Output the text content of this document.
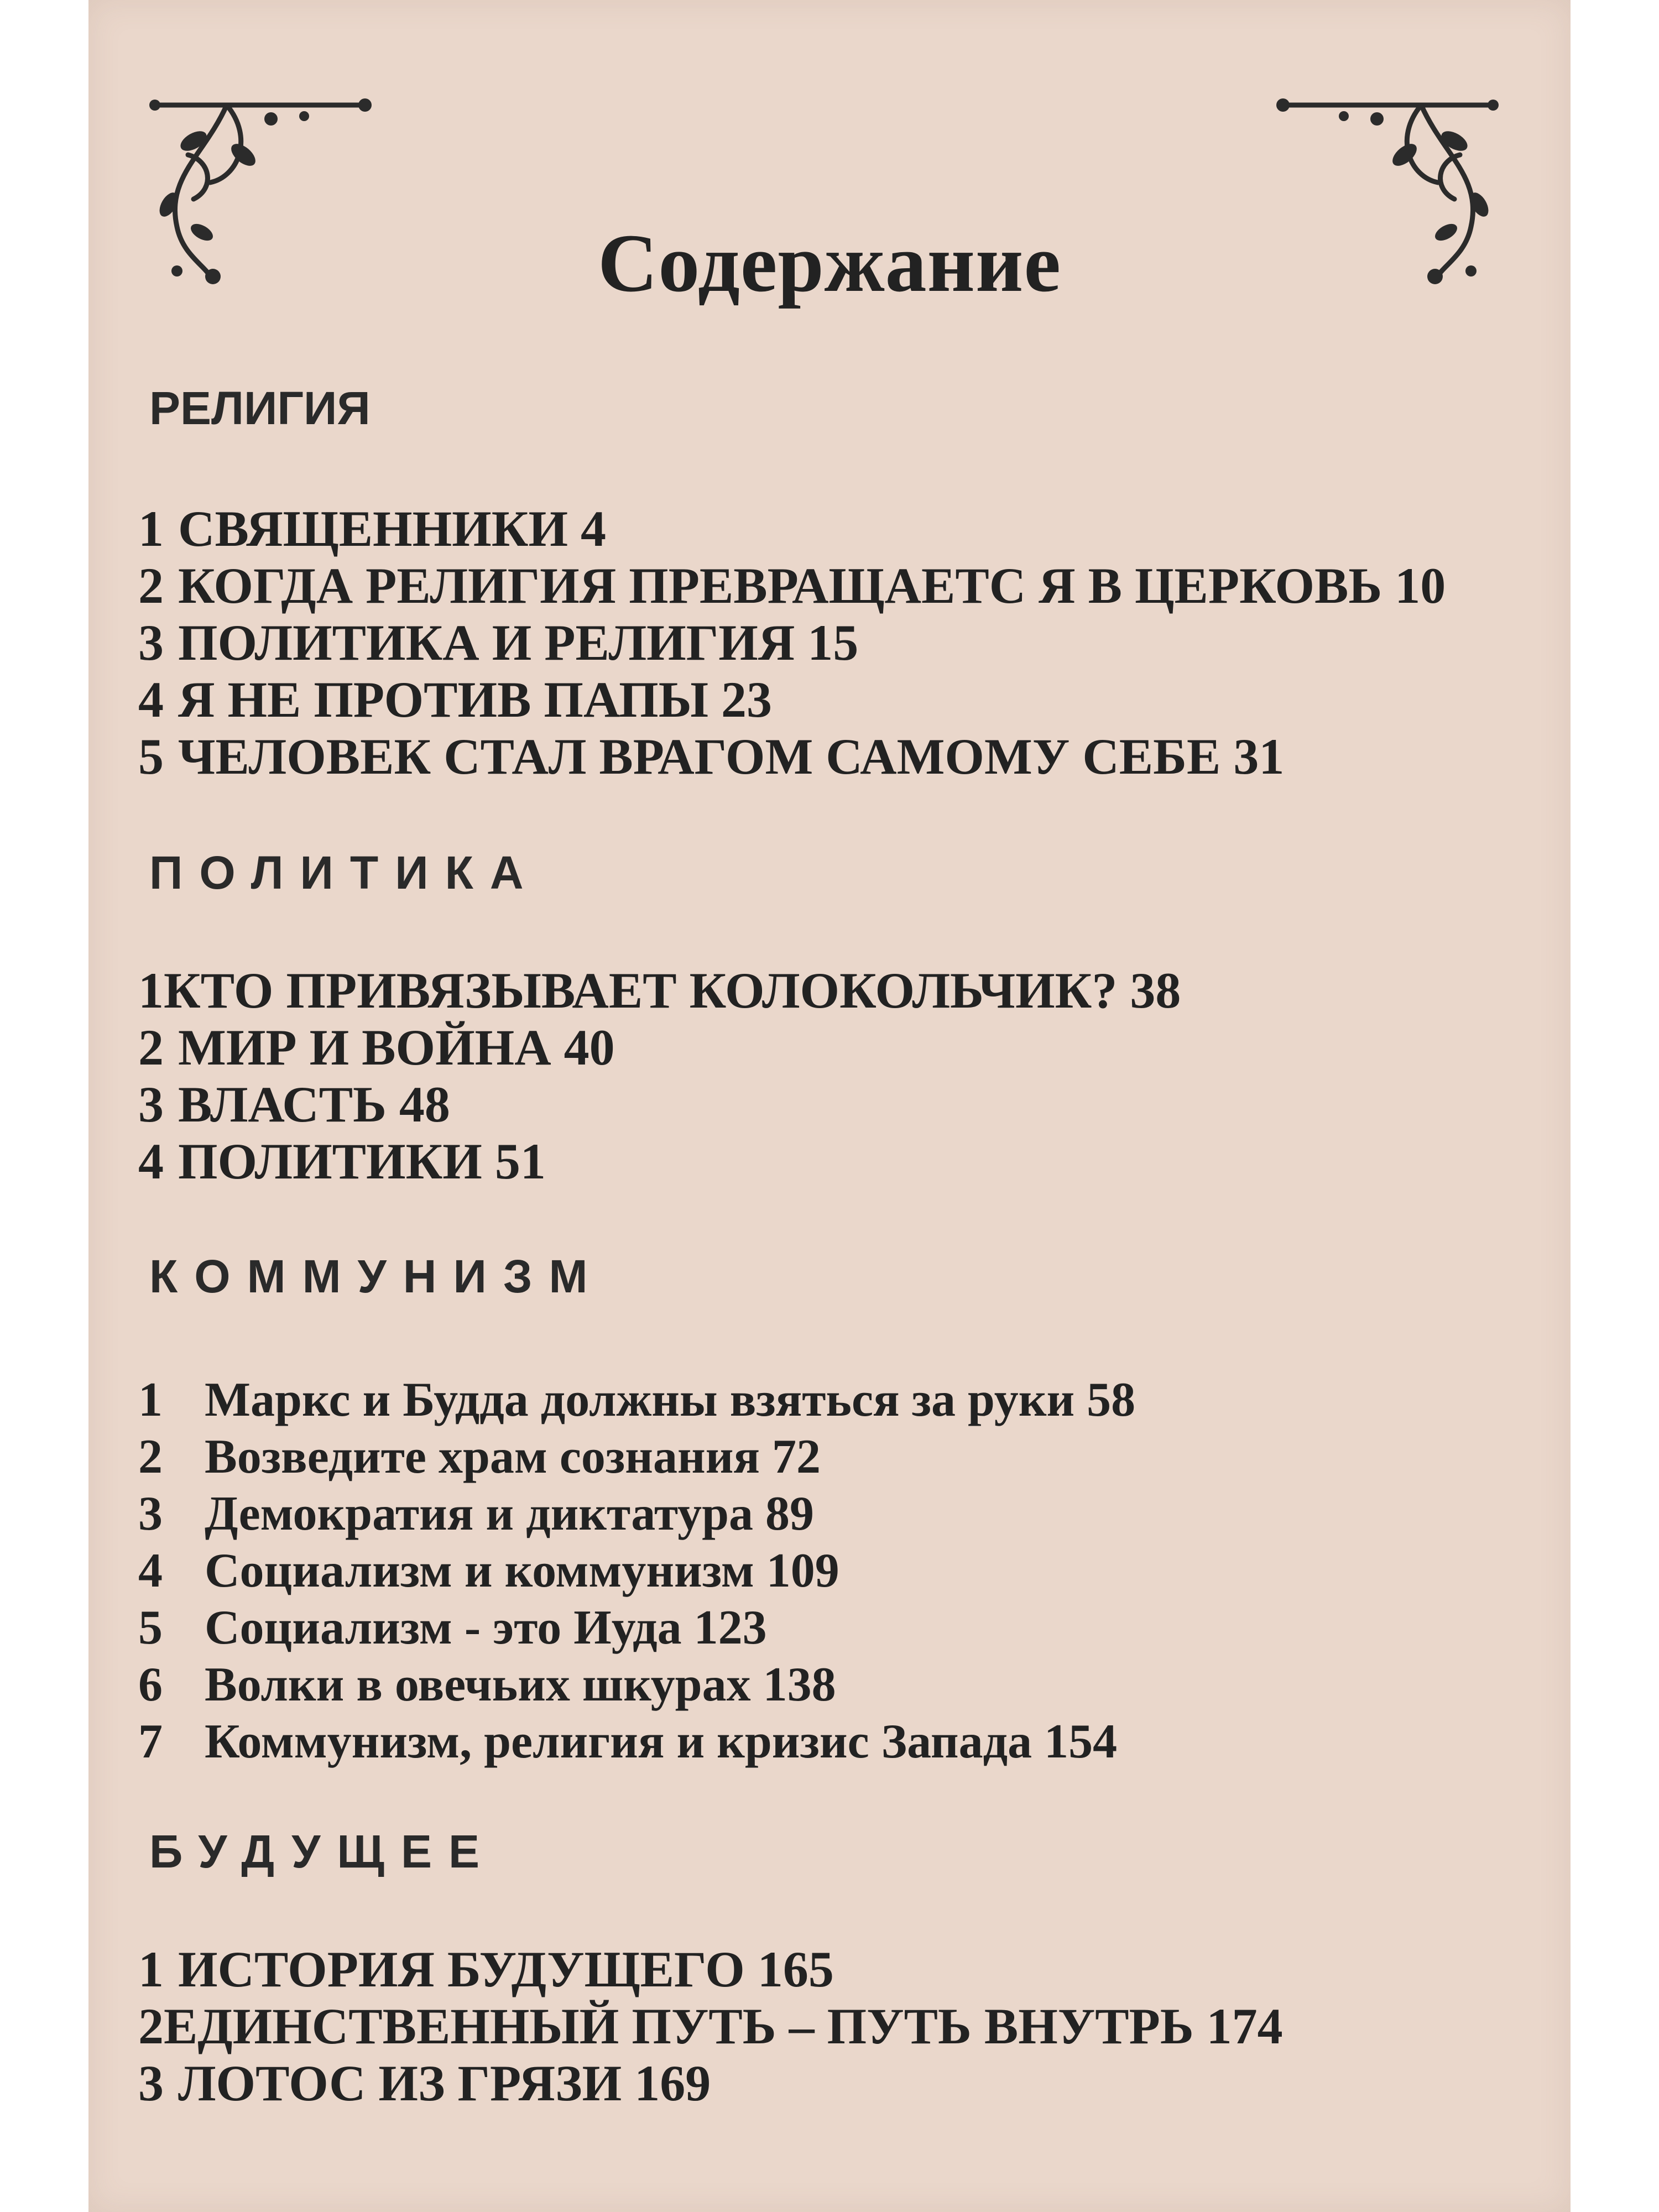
Содержание
РЕЛИГИЯ
1 СВЯЩЕННИКИ 4
2 КОГДА РЕЛИГИЯ ПРЕВРАЩАЕТС Я В ЦЕРКОВЬ 10
3 ПОЛИТИКА И РЕЛИГИЯ 15
4 Я НЕ ПРОТИВ ПАПЫ 23
5 ЧЕЛОВЕК СТАЛ ВРАГОМ САМОМУ СЕБЕ 31
ПОЛИТИКА
1КТО ПРИВЯЗЫВАЕТ КОЛОКОЛЬЧИК? 38
2 МИР И ВОЙНА 40
3 ВЛАСТЬ 48
4 ПОЛИТИКИ 51
КОММУНИЗМ
1 Маркс и Будда должны взяться за руки 58
2 Возведите храм сознания 72
3 Демократия и диктатура 89
4 Социализм и коммунизм 109
5 Социализм - это Иуда 123
6 Волки в овечьих шкурах 138
7 Коммунизм, религия и кризис Запада 154
БУДУЩЕЕ
1 ИСТОРИЯ БУДУЩЕГО 165
2ЕДИНСТВЕННЫЙ ПУТЬ – ПУТЬ ВНУТРЬ 174
3 ЛОТОС ИЗ ГРЯЗИ 169
